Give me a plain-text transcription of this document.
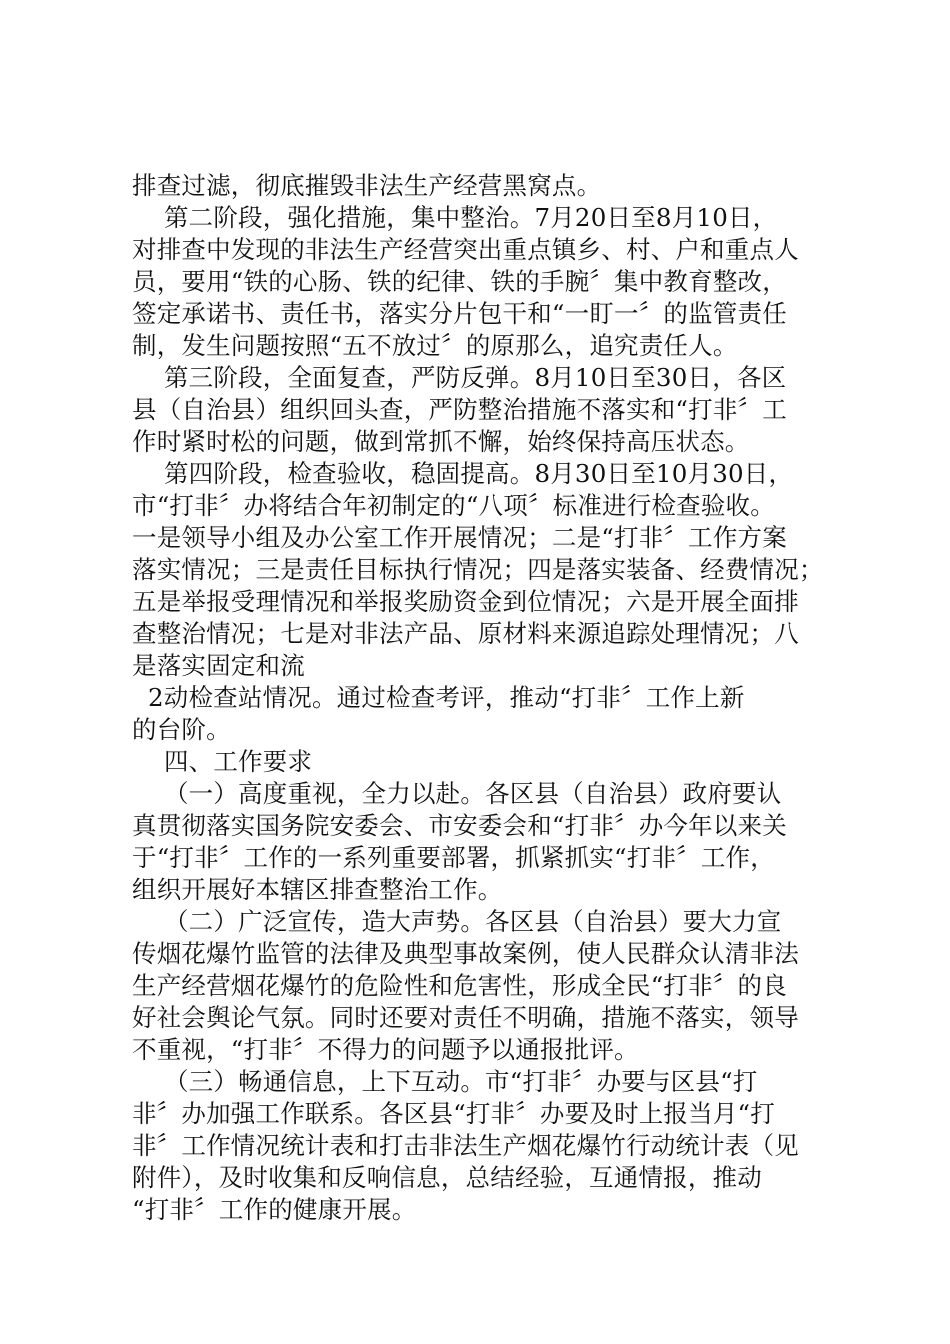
排查过滤，彻底摧毁非法生产经营黑窝点。
第二阶段，强化措施，集中整治。7月20日至8月10日，
对排查中发现的非法生产经营突出重点镇乡、村、户和重点人
员，要用“铁的心肠、铁的纪律、铁的手腕〞集中教育整改，
签定承诺书、责任书，落实分片包干和“一盯一〞的监管责任
制，发生问题按照“五不放过〞的原那么，追究责任人。
第三阶段，全面复查，严防反弹。8月10日至30日，各区
县（自治县）组织回头查，严防整治措施不落实和“打非〞工
作时紧时松的问题，做到常抓不懈，始终保持高压状态。
第四阶段，检查验收，稳固提高。8月30日至10月30日，
市“打非〞办将结合年初制定的“八项〞标准进行检查验收。
一是领导小组及办公室工作开展情况；二是“打非〞工作方案
落实情况；三是责任目标执行情况；四是落实装备、经费情况；
五是举报受理情况和举报奖励资金到位情况；六是开展全面排
查整治情况；七是对非法产品、原材料来源追踪处理情况；八
是落实固定和流
2动检查站情况。通过检查考评，推动“打非〞工作上新
的台阶。
四、工作要求
（一）高度重视，全力以赴。各区县（自治县）政府要认
真贯彻落实国务院安委会、市安委会和“打非〞办今年以来关
于“打非〞工作的一系列重要部署，抓紧抓实“打非〞工作，
组织开展好本辖区排查整治工作。
（二）广泛宣传，造大声势。各区县（自治县）要大力宣
传烟花爆竹监管的法律及典型事故案例，使人民群众认清非法
生产经营烟花爆竹的危险性和危害性，形成全民“打非〞的良
好社会舆论气氛。同时还要对责任不明确，措施不落实，领导
不重视，“打非〞不得力的问题予以通报批评。
（三）畅通信息，上下互动。市“打非〞办要与区县“打
非〞办加强工作联系。各区县“打非〞办要及时上报当月“打
非〞工作情况统计表和打击非法生产烟花爆竹行动统计表（见
附件），及时收集和反响信息，总结经验，互通情报，推动
“打非〞工作的健康开展。
